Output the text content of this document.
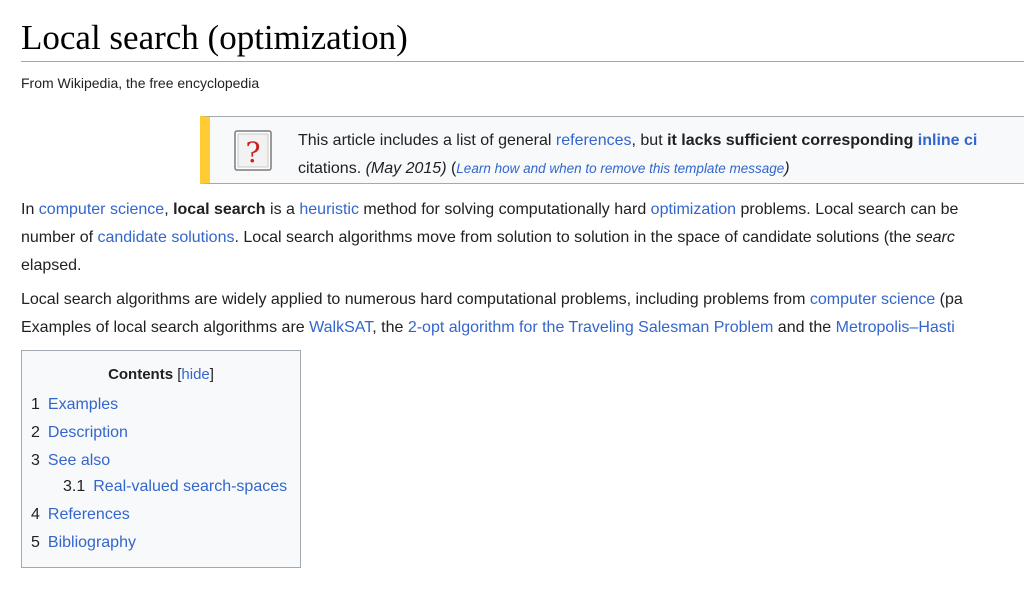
Local search (optimization)
From Wikipedia, the free encyclopedia
? This article includes a list of general references, but it lacks sufficient corresponding inline ci
citations. (May 2015) (Learn how and when to remove this template message)

In computer science, local search is a heuristic method for solving computationally hard optimization problems. Local search can be
number of candidate solutions. Local search algorithms move from solution to solution in the space of candidate solutions (the searc
elapsed.

Local search algorithms are widely applied to numerous hard computational problems, including problems from computer science (pa
Examples of local search algorithms are WalkSAT, the 2-opt algorithm for the Traveling Salesman Problem and the Metropolis–Hasti

Contents [hide]
1 Examples
2 Description
3 See also
3.1 Real-valued search-spaces
4 References
5 Bibliography
